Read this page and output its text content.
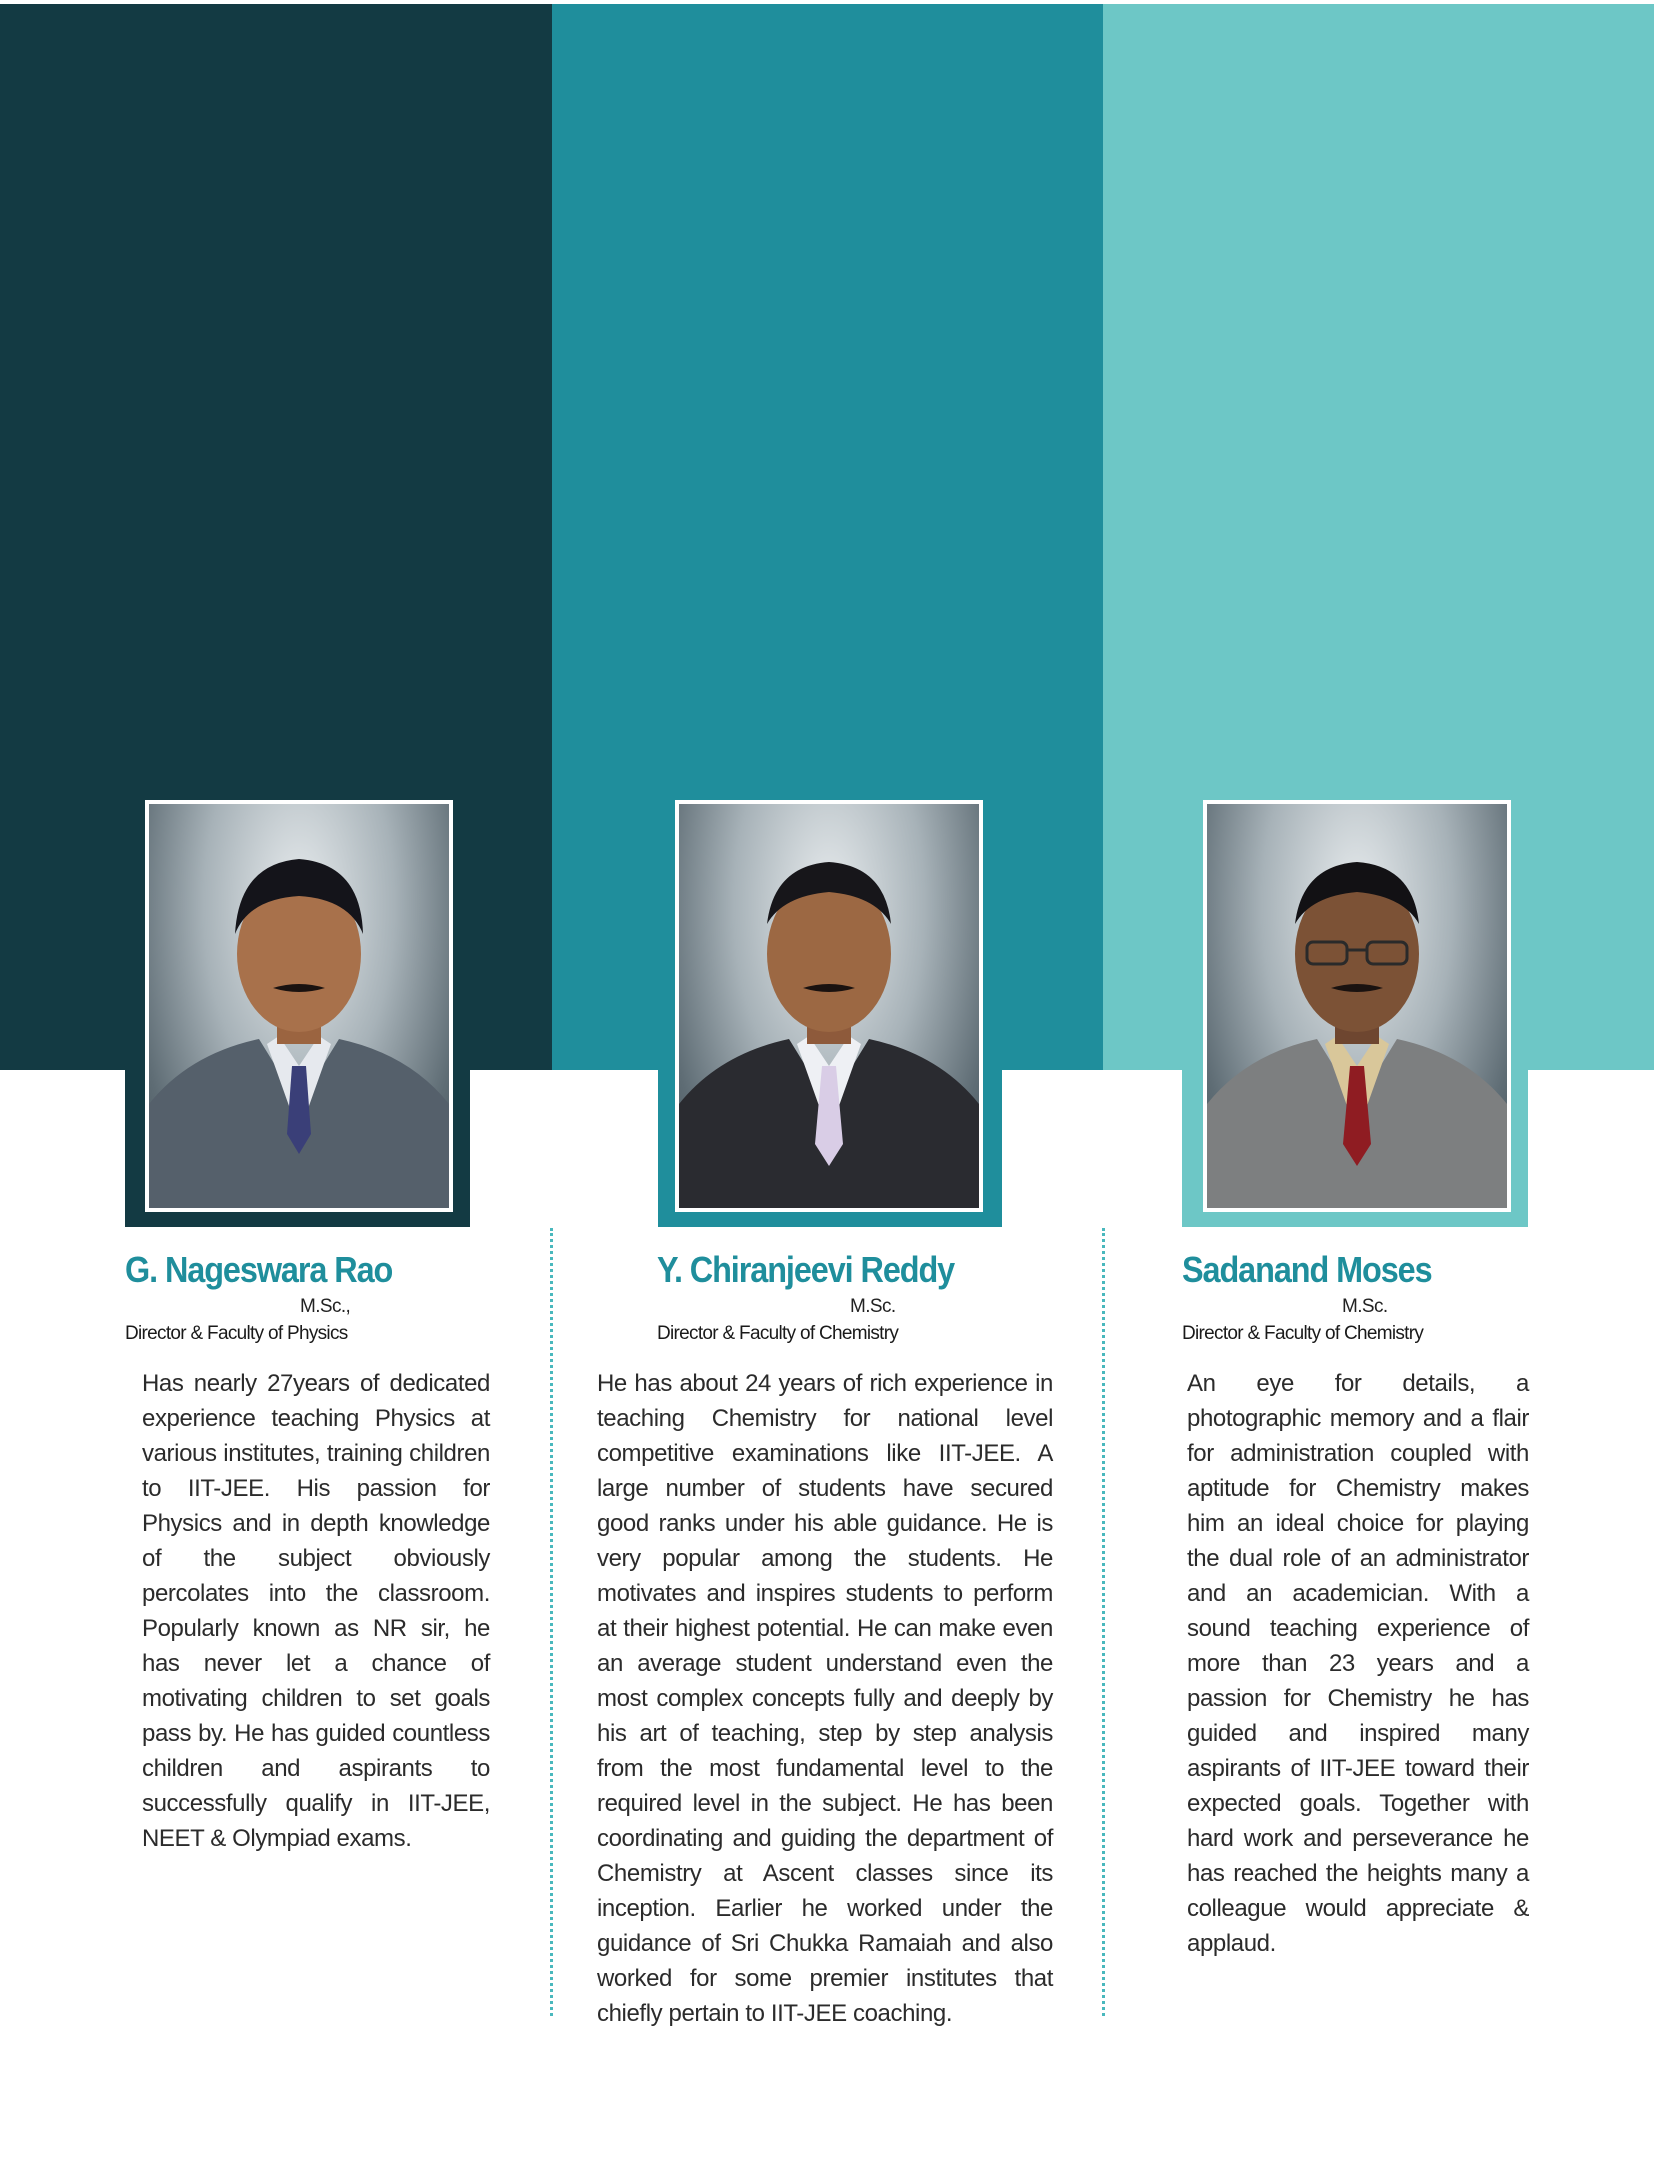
G. Nageswara Rao
M.Sc.,
Director & Faculty of Physics

Has nearly 27years of dedicated experience teaching Physics at various institutes, training children to IIT-JEE. His passion for Physics and in depth knowledge of the subject obviously percolates into the classroom. Popularly known as NR sir, he has never let a chance of motivating children to set goals pass by. He has guided countless children and aspirants to successfully qualify in IIT-JEE, NEET & Olympiad exams.

Y. Chiranjeevi Reddy
M.Sc.
Director & Faculty of Chemistry

He has about 24 years of rich experience in teaching Chemistry for national level competitive examinations like IIT-JEE. A large number of students have secured good ranks under his able guidance. He is very popular among the students. He motivates and inspires students to perform at their highest potential. He can make even an average student understand even the most complex concepts fully and deeply by his art of teaching, step by step analysis from the most fundamental level to the required level in the subject. He has been coordinating and guiding the department of Chemistry at Ascent classes since its inception. Earlier he worked under the guidance of Sri Chukka Ramaiah and also worked for some premier institutes that chiefly pertain to IIT-JEE coaching.

Sadanand Moses
M.Sc.
Director & Faculty of Chemistry

An eye for details, a photographic memory and a flair for administration coupled with aptitude for Chemistry makes him an ideal choice for playing the dual role of an administrator and an academician. With a sound teaching experience of more than 23 years and a passion for Chemistry he has guided and inspired many aspirants of IIT-JEE toward their expected goals. Together with hard work and perseverance he has reached the heights many a colleague would appreciate & applaud.
